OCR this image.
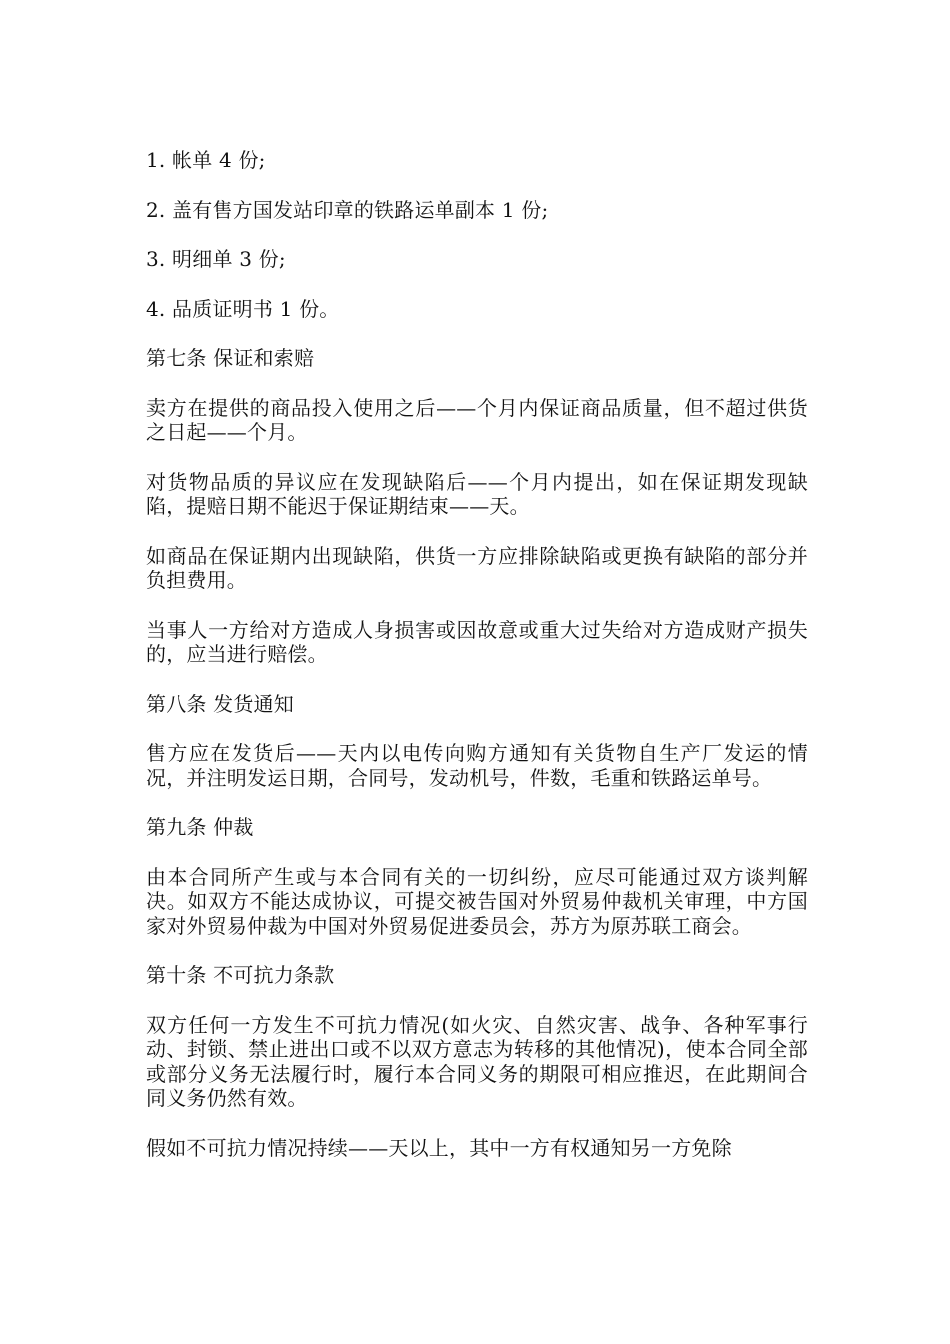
1. 帐单 4 份;

2. 盖有售方国发站印章的铁路运单副本 1 份;

3. 明细单 3 份;

4. 品质证明书 1 份。

第七条 保证和索赔

卖方在提供的商品投入使用之后——个月内保证商品质量，但不超过供货之日起——个月。

对货物品质的异议应在发现缺陷后——个月内提出，如在保证期发现缺陷，提赔日期不能迟于保证期结束——天。

如商品在保证期内出现缺陷，供货一方应排除缺陷或更换有缺陷的部分并负担费用。

当事人一方给对方造成人身损害或因故意或重大过失给对方造成财产损失的，应当进行赔偿。

第八条 发货通知

售方应在发货后——天内以电传向购方通知有关货物自生产厂发运的情况，并注明发运日期，合同号，发动机号，件数，毛重和铁路运单号。

第九条 仲裁

由本合同所产生或与本合同有关的一切纠纷，应尽可能通过双方谈判解决。如双方不能达成协议，可提交被告国对外贸易仲裁机关审理，中方国家对外贸易仲裁为中国对外贸易促进委员会，苏方为原苏联工商会。

第十条 不可抗力条款

双方任何一方发生不可抗力情况(如火灾、自然灾害、战争、各种军事行动、封锁、禁止进出口或不以双方意志为转移的其他情况)，使本合同全部或部分义务无法履行时，履行本合同义务的期限可相应推迟，在此期间合同义务仍然有效。

假如不可抗力情况持续——天以上，其中一方有权通知另一方免除
